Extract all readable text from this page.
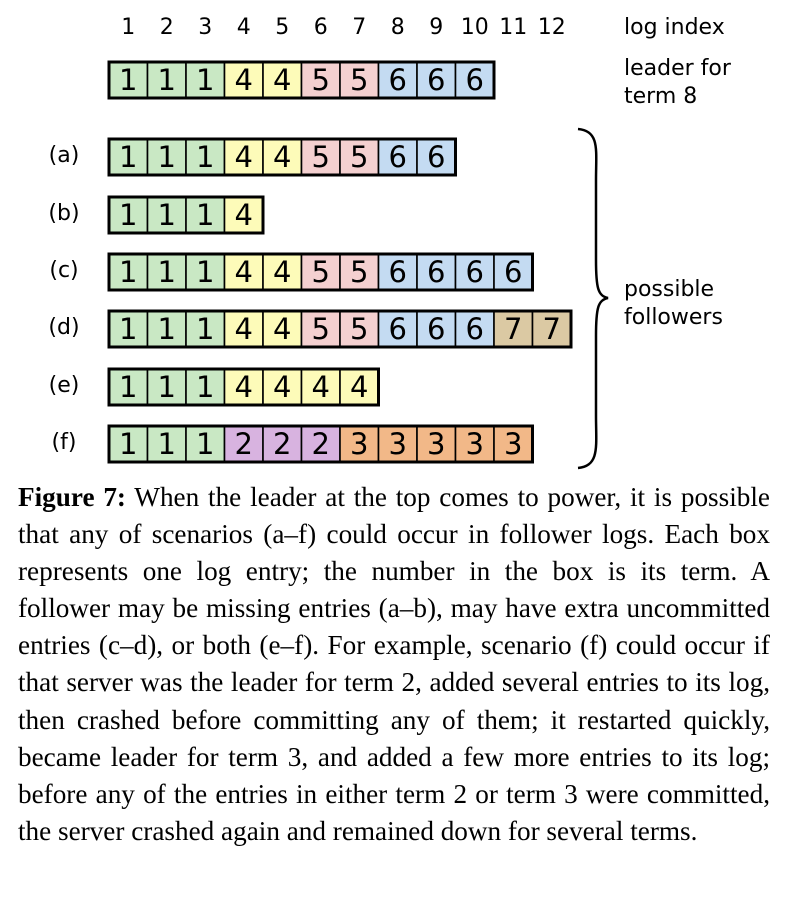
1 2 3 4 5 6 7 8 9 10 11 12	log index
1 1 1 4 4 5 5 6 6 6	leader for
term 8
(a) 1 1 1 4 4 5 5 6 6
(b) 1 1 1 4
(c) 1 1 1 4 4 5 5 6 6 6 6
(d) 1 1 1 4 4 5 5 6 6 6 7 7
(e) 1 1 1 4 4 4 4
(f) 1 1 1 2 2 2 3 3 3 3 3
possible
followers

Figure 7: When the leader at the top comes to power, it is possible that any of scenarios (a–f) could occur in follower logs. Each box represents one log entry; the number in the box is its term. A follower may be missing entries (a–b), may have extra uncommitted entries (c–d), or both (e–f). For example, scenario (f) could occur if that server was the leader for term 2, added several entries to its log, then crashed before committing any of them; it restarted quickly, became leader for term 3, and added a few more entries to its log; before any of the entries in either term 2 or term 3 were committed, the server crashed again and remained down for several terms.
